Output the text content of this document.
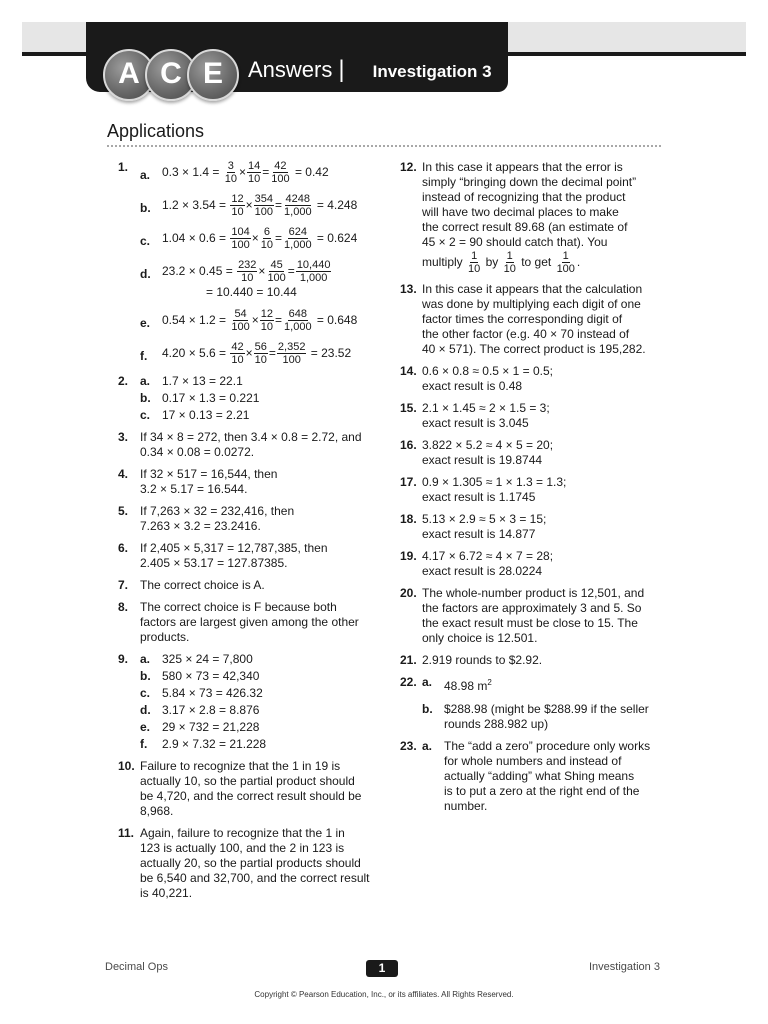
A C E	Answers | Investigation 3
Applications
1.
a. $0.3 \times 1.4 = \frac{3}{10} \times \frac{14}{10} = \frac{42}{100} = 0.42$
b. $1.2 \times 3.54 = \frac{12}{10} \times \frac{354}{100} = \frac{4248}{1,000} = 4.248$
c. $1.04 \times 0.6 = \frac{104}{100} \times \frac{6}{10} = \frac{624}{1,000} = 0.624$
d. $23.2 \times 0.45 = \frac{232}{10} \times \frac{45}{100} = \frac{10,440}{1,000}$
= 10.440 = 10.44
e. $0.54 \times 1.2 = \frac{54}{100} \times \frac{12}{10} = \frac{648}{1,000} = 0.648$
f. $4.20 \times 5.6 = \frac{42}{10} \times \frac{56}{10} = \frac{2,352}{100} = 23.52$
2. a. 1.7 × 13 = 22.1
b. 0.17 × 1.3 = 0.221
c. 17 × 0.13 = 2.21
3. If 34 × 8 = 272, then 3.4 × 0.8 = 2.72, and
0.34 × 0.08 = 0.0272.
4. If 32 × 517 = 16,544, then
3.2 × 5.17 = 16.544.
5. If 7,263 × 32 = 232,416, then
7.263 × 3.2 = 23.2416.
6. If 2,405 × 5,317 = 12,787,385, then
2.405 × 53.17 = 127.87385.
7. The correct choice is A.
8. The correct choice is F because both
factors are largest given among the other
products.
9. a. 325 × 24 = 7,800
b. 580 × 73 = 42,340
c. 5.84 × 73 = 426.32
d. 3.17 × 2.8 = 8.876
e. 29 × 732 = 21,228
f. 2.9 × 7.32 = 21.228
10. Failure to recognize that the 1 in 19 is
actually 10, so the partial product should
be 4,720, and the correct result should be
8,968.
11. Again, failure to recognize that the 1 in
123 is actually 100, and the 2 in 123 is
actually 20, so the partial products should
be 6,540 and 32,700, and the correct result
is 40,221.
12. In this case it appears that the error is
simply “bringing down the decimal point”
instead of recognizing that the product
will have two decimal places to make
the correct result 89.68 (an estimate of
45 × 2 = 90 should catch that). You
multiply $\frac{1}{10}$ by $\frac{1}{10}$ to get $\frac{1}{100}$ .
13. In this case it appears that the calculation
was done by multiplying each digit of one
factor times the corresponding digit of
the other factor (e.g. 40 × 70 instead of
40 × 571). The correct product is 195,282.
14. 0.6 × 0.8 ≈ 0.5 × 1 = 0.5;
exact result is 0.48
15. 2.1 × 1.45 ≈ 2 × 1.5 = 3;
exact result is 3.045
16. 3.822 × 5.2 ≈ 4 × 5 = 20;
exact result is 19.8744
17. 0.9 × 1.305 ≈ 1 × 1.3 = 1.3;
exact result is 1.1745
18. 5.13 × 2.9 ≈ 5 × 3 = 15;
exact result is 14.877
19. 4.17 × 6.72 ≈ 4 × 7 = 28;
exact result is 28.0224
20. The whole-number product is 12,501, and
the factors are approximately 3 and 5. So
the exact result must be close to 15. The
only choice is 12.501.
21. 2.919 rounds to $2.92.
22. a. 48.98 $m^2$
b. $288.98 (might be $288.99 if the seller
rounds 288.982 up)
23. a. The “add a zero” procedure only works
for whole numbers and instead of
actually “adding” what Shing means
is to put a zero at the right end of the
number.
Decimal Ops	1	Investigation 3
Copyright © Pearson Education, Inc., or its affiliates. All Rights Reserved.
